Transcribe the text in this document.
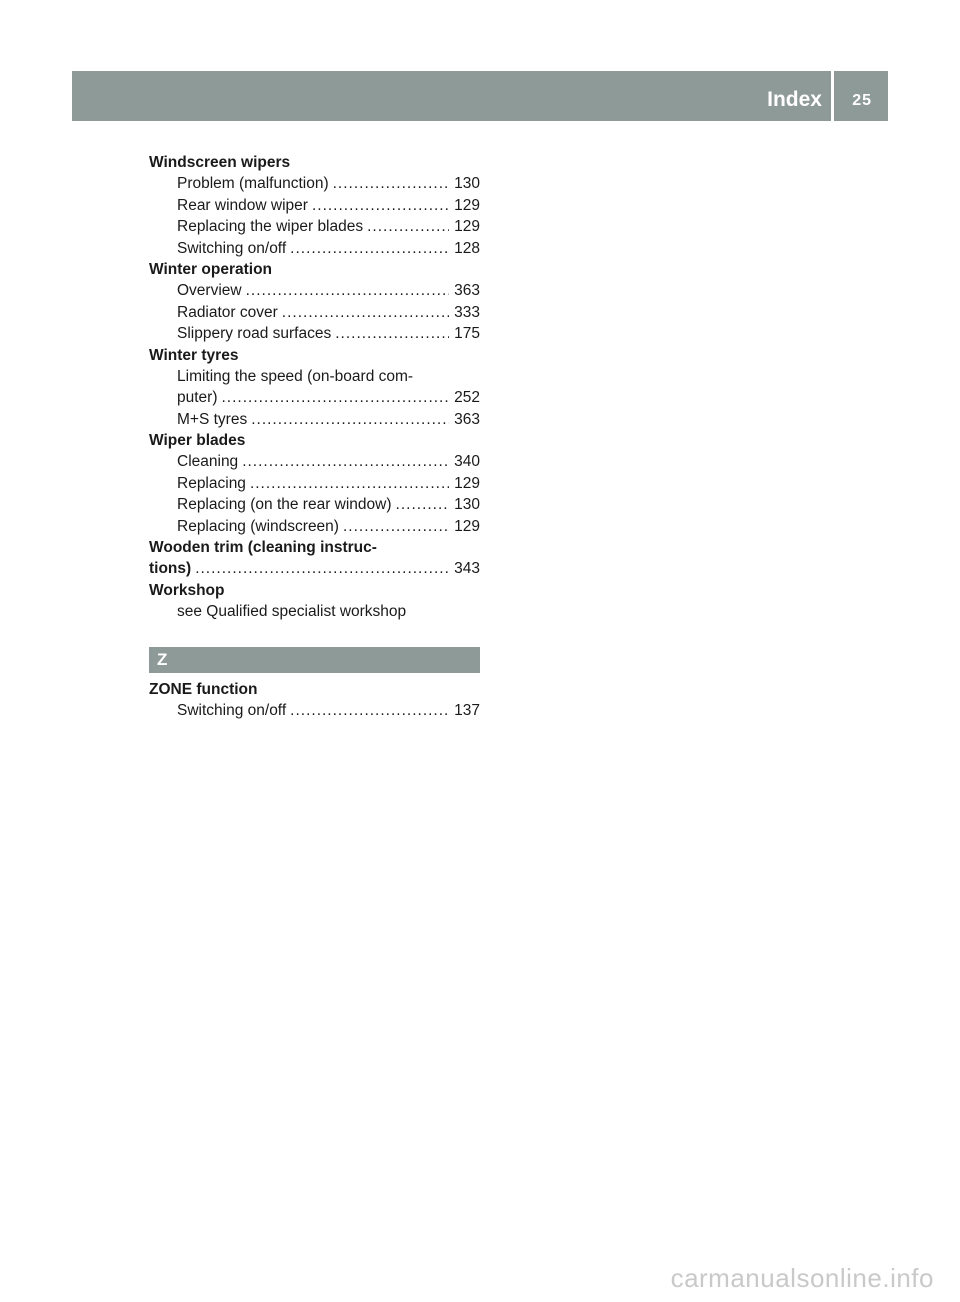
Index 25
Windscreen wipers
Problem (malfunction) .....	130
Rear window wiper .....	129
Replacing the wiper blades .....	129
Switching on/off .....	128
Winter operation
Overview .....	363
Radiator cover .....	333
Slippery road surfaces .....	175
Winter tyres
Limiting the speed (on-board com-
puter) .....	252
M+S tyres .....	363
Wiper blades
Cleaning .....	340
Replacing .....	129
Replacing (on the rear window) .....	130
Replacing (windscreen) .....	129
Wooden trim (cleaning instruc-
tions) .....	343
Workshop
see Qualified specialist workshop
Z
ZONE function
Switching on/off .....	137
carmanualsonline.info
